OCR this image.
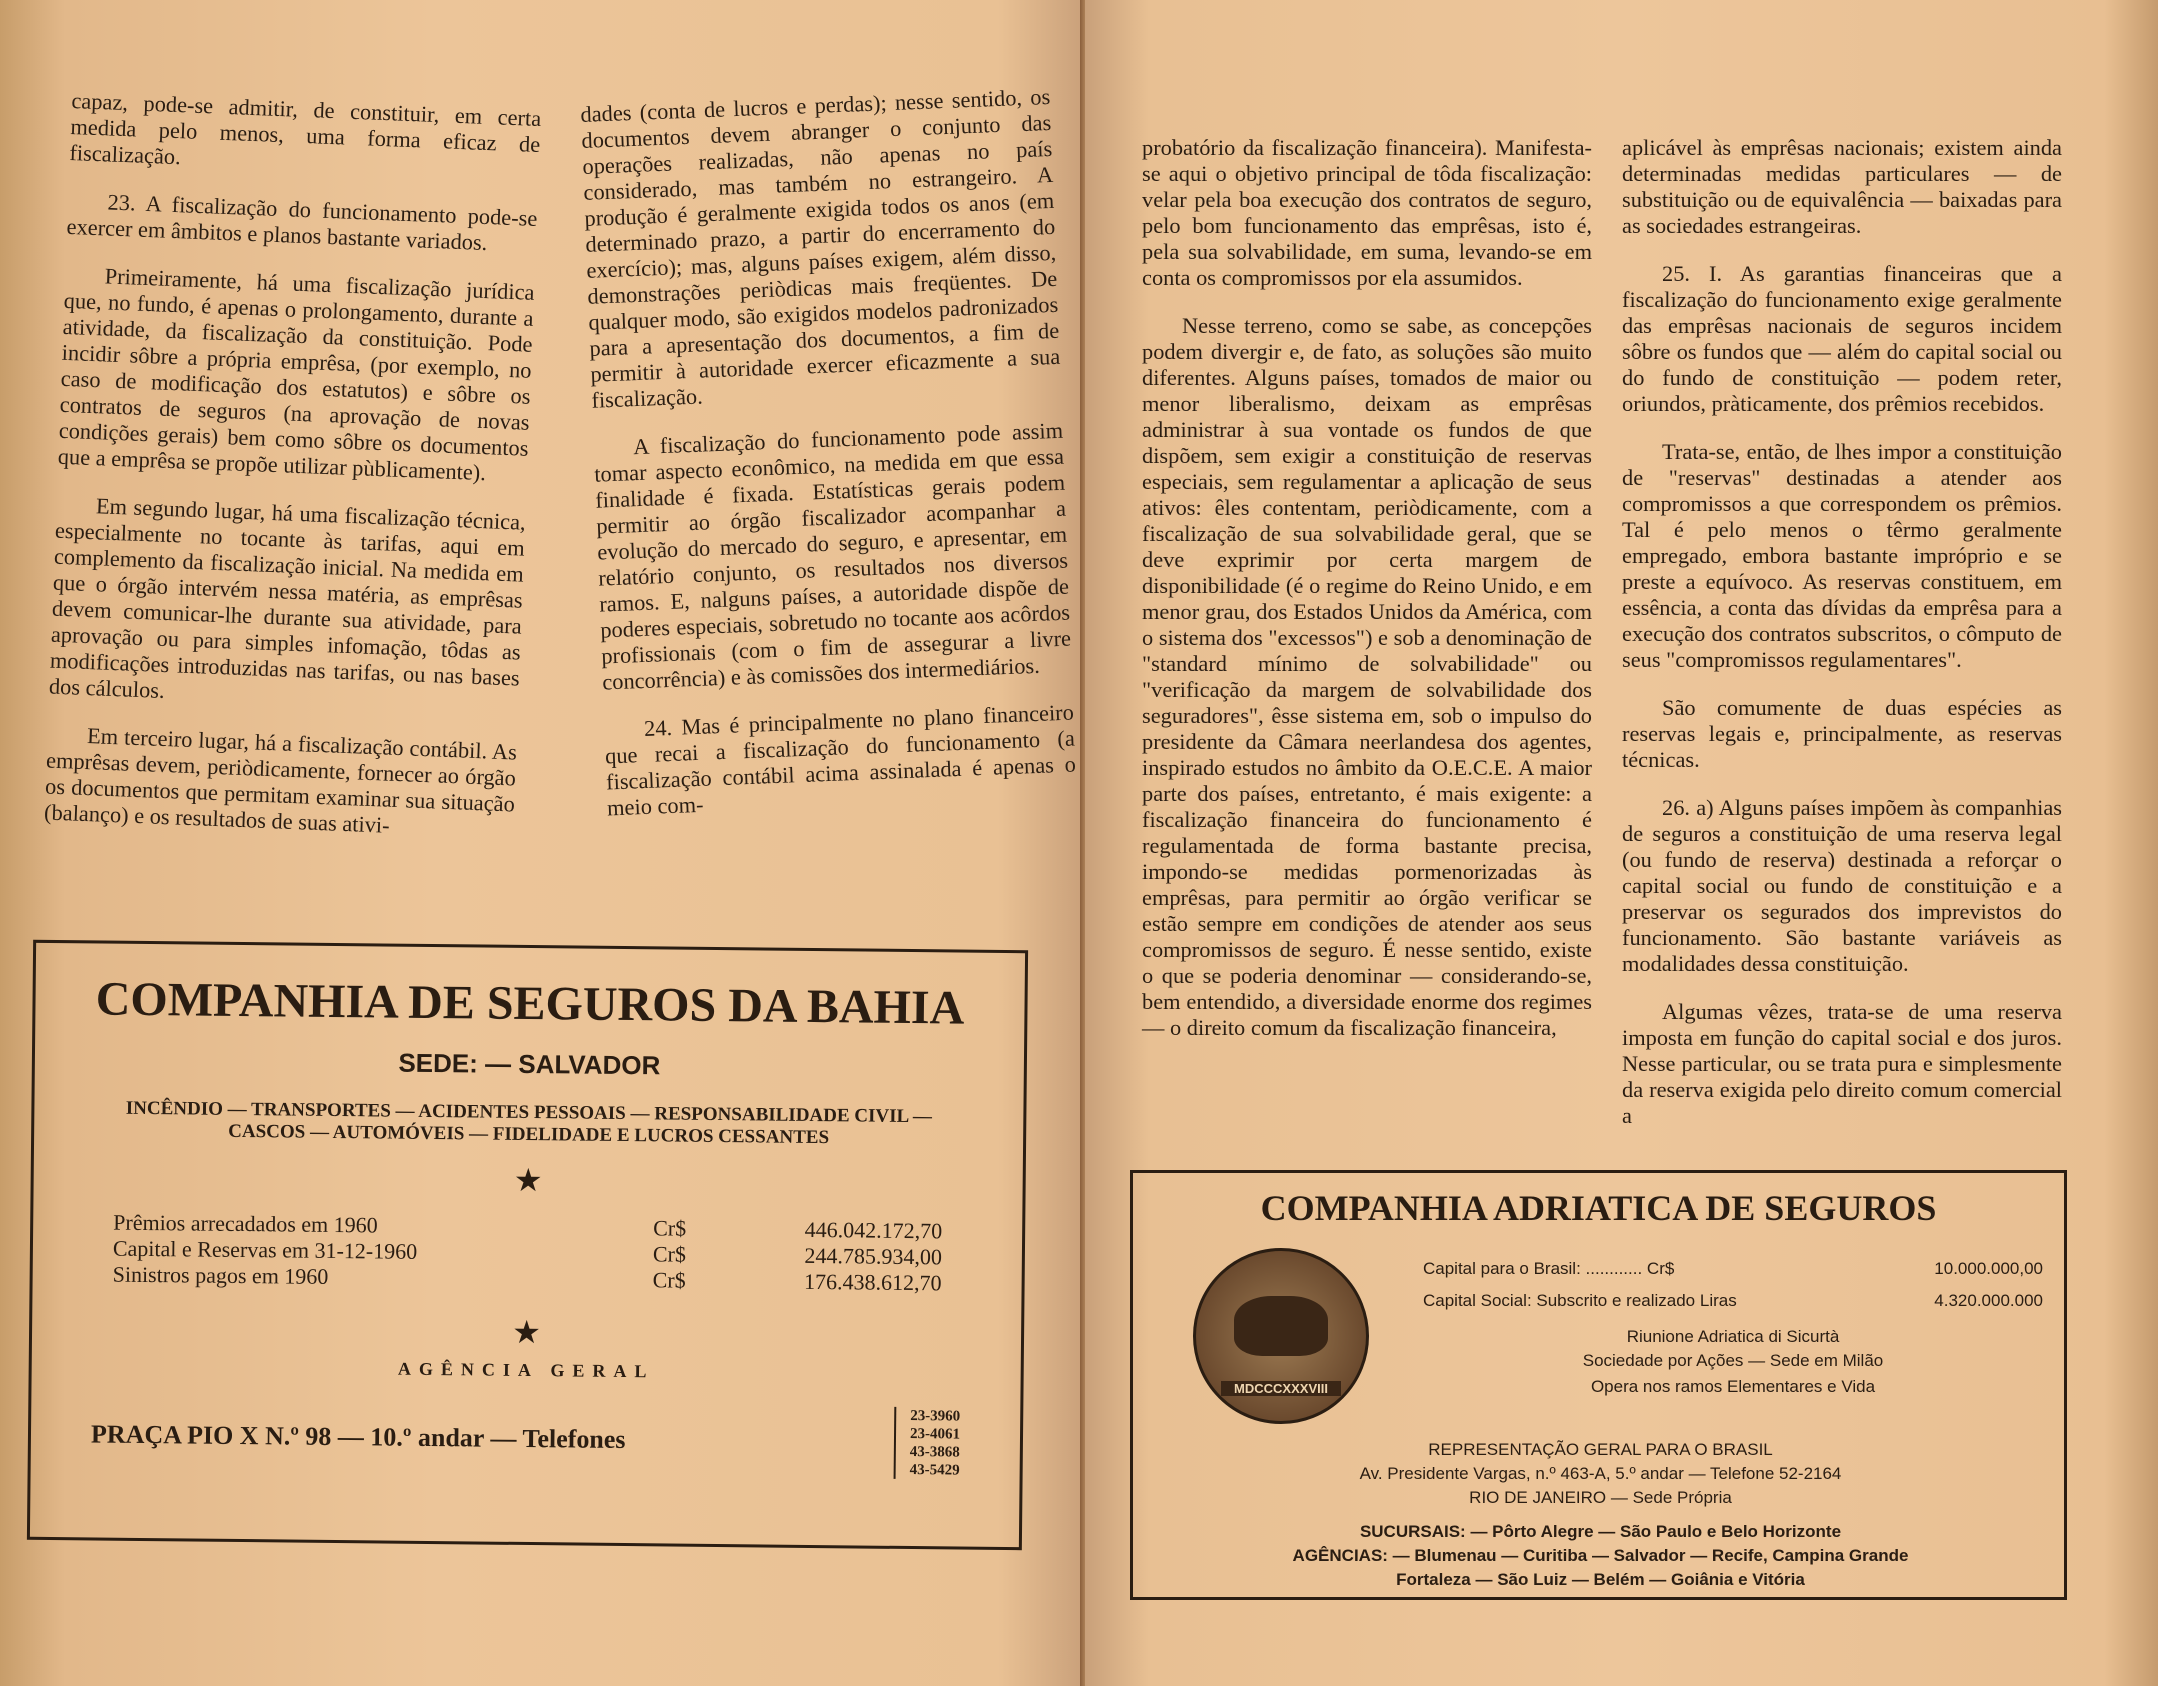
capaz, pode-se admitir, de constituir, em certa medida pelo menos, uma forma eficaz de fiscalização.

23. A fiscalização do funcionamento pode-se exercer em âmbitos e planos bastante variados.

Primeiramente, há uma fiscalização jurídica que, no fundo, é apenas o prolongamento, durante a atividade, da fiscalização da constituição. Pode incidir sôbre a própria emprêsa, (por exemplo, no caso de modificação dos estatutos) e sôbre os contratos de seguros (na aprovação de novas condições gerais) bem como sôbre os documentos que a emprêsa se propõe utilizar pùblicamente).

Em segundo lugar, há uma fiscalização técnica, especialmente no tocante às tarifas, aqui em complemento da fiscalização inicial. Na medida em que o órgão intervém nessa matéria, as emprêsas devem comunicar-lhe durante sua atividade, para aprovação ou para simples infomação, tôdas as modificações introduzidas nas tarifas, ou nas bases dos cálculos.

Em terceiro lugar, há a fiscalização contábil. As emprêsas devem, periòdicamente, fornecer ao órgão os documentos que permitam examinar sua situação (balanço) e os resultados de suas ativi-

dades (conta de lucros e perdas); nesse sentido, os documentos devem abranger o conjunto das operações realizadas, não apenas no país considerado, mas também no estrangeiro. A produção é geralmente exigida todos os anos (em determinado prazo, a partir do encerramento do exercício); mas, alguns países exigem, além disso, demonstrações periòdicas mais freqüentes. De qualquer modo, são exigidos modelos padronizados para a apresentação dos documentos, a fim de permitir à autoridade exercer eficazmente a sua fiscalização.

A fiscalização do funcionamento pode assim tomar aspecto econômico, na medida em que essa finalidade é fixada. Estatísticas gerais podem permitir ao órgão fiscalizador acompanhar a evolução do mercado do seguro, e apresentar, em relatório conjunto, os resultados nos diversos ramos. E, nalguns países, a autoridade dispõe de poderes especiais, sobretudo no tocante aos acôrdos profissionais (com o fim de assegurar a livre concorrência) e às comissões dos intermediários.

24. Mas é principalmente no plano financeiro que recai a fiscalização do funcionamento (a fiscalização contábil acima assinalada é apenas o meio com-

COMPANHIA DE SEGUROS DA BAHIA
SEDE: — SALVADOR
INCÊNDIO — TRANSPORTES — ACIDENTES PESSOAIS — RESPONSABILIDADE CIVIL — CASCOS — AUTOMÓVEIS — FIDELIDADE E LUCROS CESSANTES
★
Prêmios arrecadados em 1960	Cr$	446.042.172,70
Capital e Reservas em 31-12-1960	Cr$	244.785.934,00
Sinistros pagos em 1960	Cr$	176.438.612,70
★
AGÊNCIA GERAL
PRAÇA PIO X N.º 98 — 10.º andar — Telefones
23-3960
23-4061
43-3868
43-5429

probatório da fiscalização financeira). Manifesta-se aqui o objetivo principal de tôda fiscalização: velar pela boa execução dos contratos de seguro, pelo bom funcionamento das emprêsas, isto é, pela sua solvabilidade, em suma, levando-se em conta os compromissos por ela assumidos.

Nesse terreno, como se sabe, as concepções podem divergir e, de fato, as soluções são muito diferentes. Alguns países, tomados de maior ou menor liberalismo, deixam as emprêsas administrar à sua vontade os fundos de que dispõem, sem exigir a constituição de reservas especiais, sem regulamentar a aplicação de seus ativos: êles contentam, periòdicamente, com a fiscalização de sua solvabilidade geral, que se deve exprimir por certa margem de disponibilidade (é o regime do Reino Unido, e em menor grau, dos Estados Unidos da América, com o sistema dos "excessos") e sob a denominação de "standard mínimo de solvabilidade" ou "verificação da margem de solvabilidade dos seguradores", êsse sistema em, sob o impulso do presidente da Câmara neerlandesa dos agentes, inspirado estudos no âmbito da O.E.C.E. A maior parte dos países, entretanto, é mais exigente: a fiscalização financeira do funcionamento é regulamentada de forma bastante precisa, impondo-se medidas pormenorizadas às emprêsas, para permitir ao órgão verificar se estão sempre em condições de atender aos seus compromissos de seguro. É nesse sentido, existe o que se poderia denominar — considerando-se, bem entendido, a diversidade enorme dos regimes — o direito comum da fiscalização financeira,

aplicável às emprêsas nacionais; existem ainda determinadas medidas particulares — de substituição ou de equivalência — baixadas para as sociedades estrangeiras.

25. I. As garantias financeiras que a fiscalização do funcionamento exige geralmente das emprêsas nacionais de seguros incidem sôbre os fundos que — além do capital social ou do fundo de constituição — podem reter, oriundos, pràticamente, dos prêmios recebidos.

Trata-se, então, de lhes impor a constituição de "reservas" destinadas a atender aos compromissos a que correspondem os prêmios. Tal é pelo menos o têrmo geralmente empregado, embora bastante impróprio e se preste a equívoco. As reservas constituem, em essência, a conta das dívidas da emprêsa para a execução dos contratos subscritos, o cômputo de seus "compromissos regulamentares".

São comumente de duas espécies as reservas legais e, principalmente, as reservas técnicas.

26. a) Alguns países impõem às companhias de seguros a constituição de uma reserva legal (ou fundo de reserva) destinada a reforçar o capital social ou fundo de constituição e a preservar os segurados dos imprevistos do funcionamento. São bastante variáveis as modalidades dessa constituição.

Algumas vêzes, trata-se de uma reserva imposta em função do capital social e dos juros. Nesse particular, ou se trata pura e simplesmente da reserva exigida pelo direito comum comercial a

COMPANHIA ADRIATICA DE SEGUROS
MDCCCXXXVIII
Capital para o Brasil: ............ Cr$	10.000.000,00
Capital Social: Subscrito e realizado Liras	4.320.000.000
Riunione Adriatica di Sicurtà
Sociedade por Ações — Sede em Milão
Opera nos ramos Elementares e Vida
REPRESENTAÇÃO GERAL PARA O BRASIL
Av. Presidente Vargas, n.º 463-A, 5.º andar — Telefone 52-2164
RIO DE JANEIRO — Sede Própria
SUCURSAIS: — Pôrto Alegre — São Paulo e Belo Horizonte
AGÊNCIAS: — Blumenau — Curitiba — Salvador — Recife, Campina Grande
Fortaleza — São Luiz — Belém — Goiânia e Vitória
